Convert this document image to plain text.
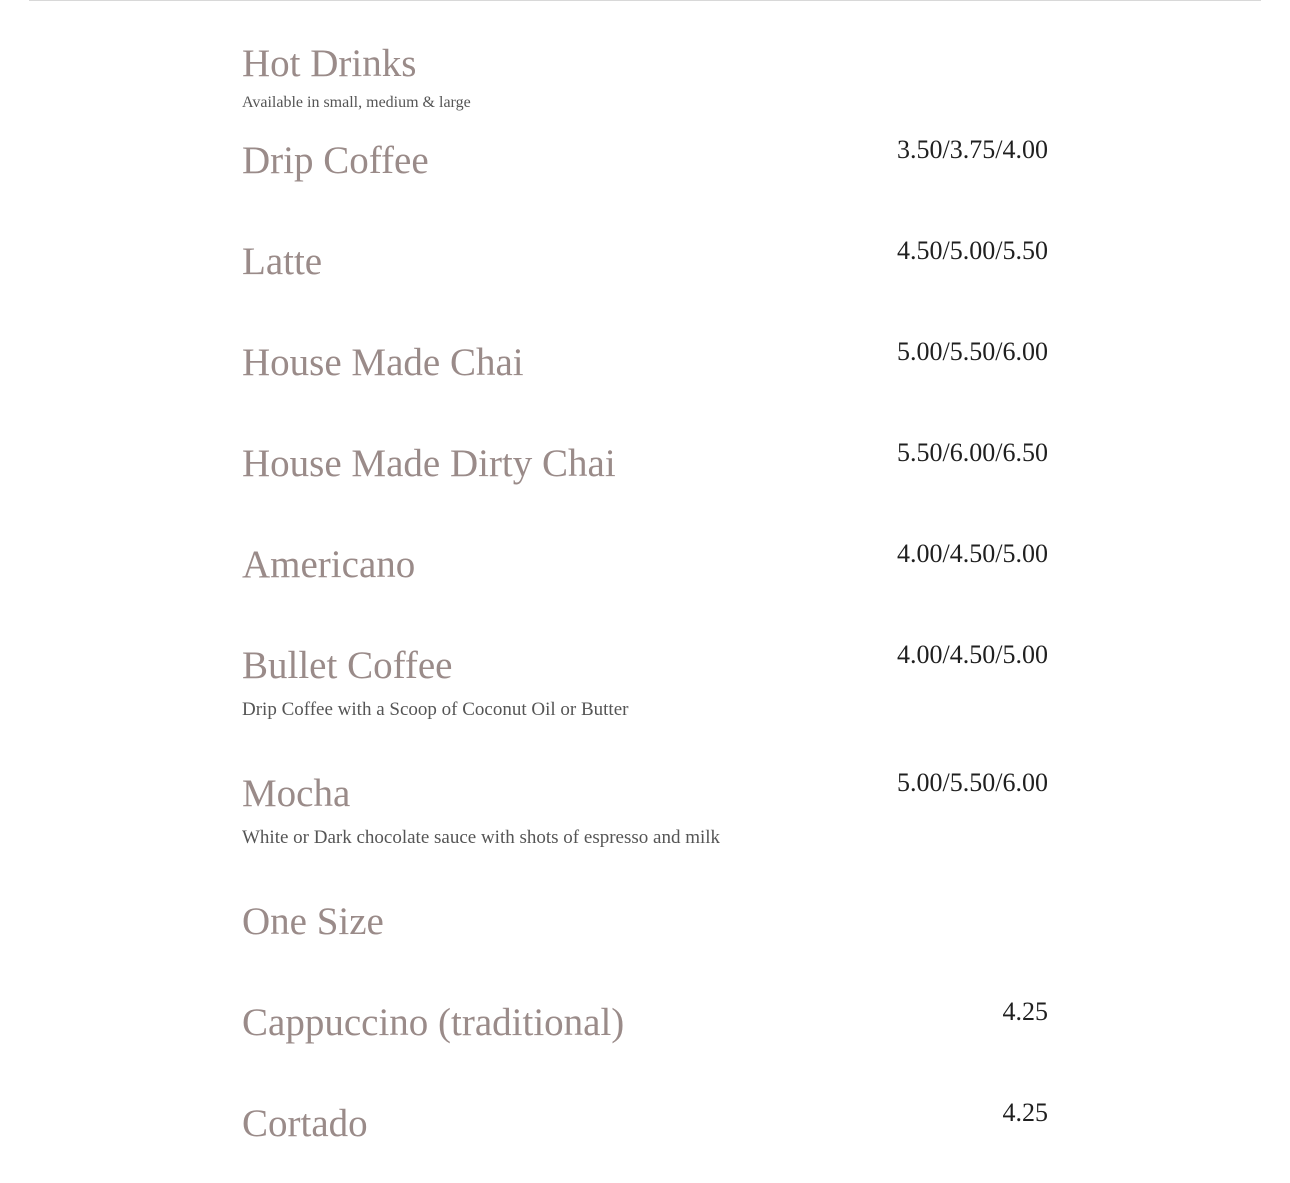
Hot Drinks
Available in small, medium & large
Drip Coffee	3.50/3.75/4.00
Latte	4.50/5.00/5.50
House Made Chai	5.00/5.50/6.00
House Made Dirty Chai	5.50/6.00/6.50
Americano	4.00/4.50/5.00
Bullet Coffee	4.00/4.50/5.00
Drip Coffee with a Scoop of Coconut Oil or Butter
Mocha	5.00/5.50/6.00
White or Dark chocolate sauce with shots of espresso and milk
One Size
Cappuccino (traditional)	4.25
Cortado	4.25
